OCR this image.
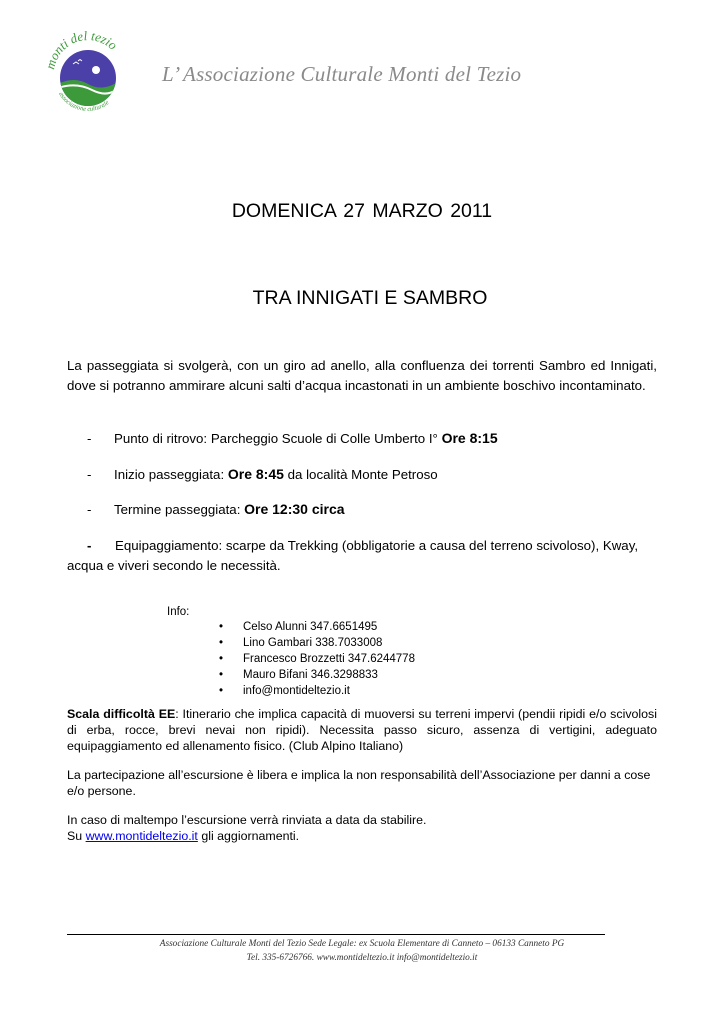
monti del tezio
associazione culturale
L’ Associazione Culturale Monti del Tezio
DOMENICA 27 MARZO 2011
TRA INNIGATI E SAMBRO
La passeggiata si svolgerà, con un giro ad anello, alla confluenza dei torrenti Sambro ed Innigati, dove si potranno ammirare alcuni salti d’acqua incastonati in un ambiente boschivo incontaminato.
- Punto di ritrovo: Parcheggio Scuole di Colle Umberto I° Ore 8:15
- Inizio passeggiata: Ore 8:45 da località Monte Petroso
- Termine passeggiata: Ore 12:30 circa
- Equipaggiamento: scarpe da Trekking (obbligatorie a causa del terreno scivoloso), Kway, acqua e viveri secondo le necessità.
Info:
• Celso Alunni 347.6651495
• Lino Gambari 338.7033008
• Francesco Brozzetti 347.6244778
• Mauro Bifani 346.3298833
• info@montideltezio.it
Scala difficoltà EE: Itinerario che implica capacità di muoversi su terreni impervi (pendii ripidi e/o scivolosi di erba, rocce, brevi nevai non ripidi). Necessita passo sicuro, assenza di vertigini, adeguato equipaggiamento ed allenamento fisico. (Club Alpino Italiano)
La partecipazione all’escursione è libera e implica la non responsabilità dell’Associazione per danni a cose e/o persone.
In caso di maltempo l’escursione verrà rinviata a data da stabilire.
Su www.montideltezio.it gli aggiornamenti.
Associazione Culturale Monti del Tezio Sede Legale: ex Scuola Elementare di Canneto – 06133 Canneto PG
Tel. 335-6726766. www.montideltezio.it info@montideltezio.it
